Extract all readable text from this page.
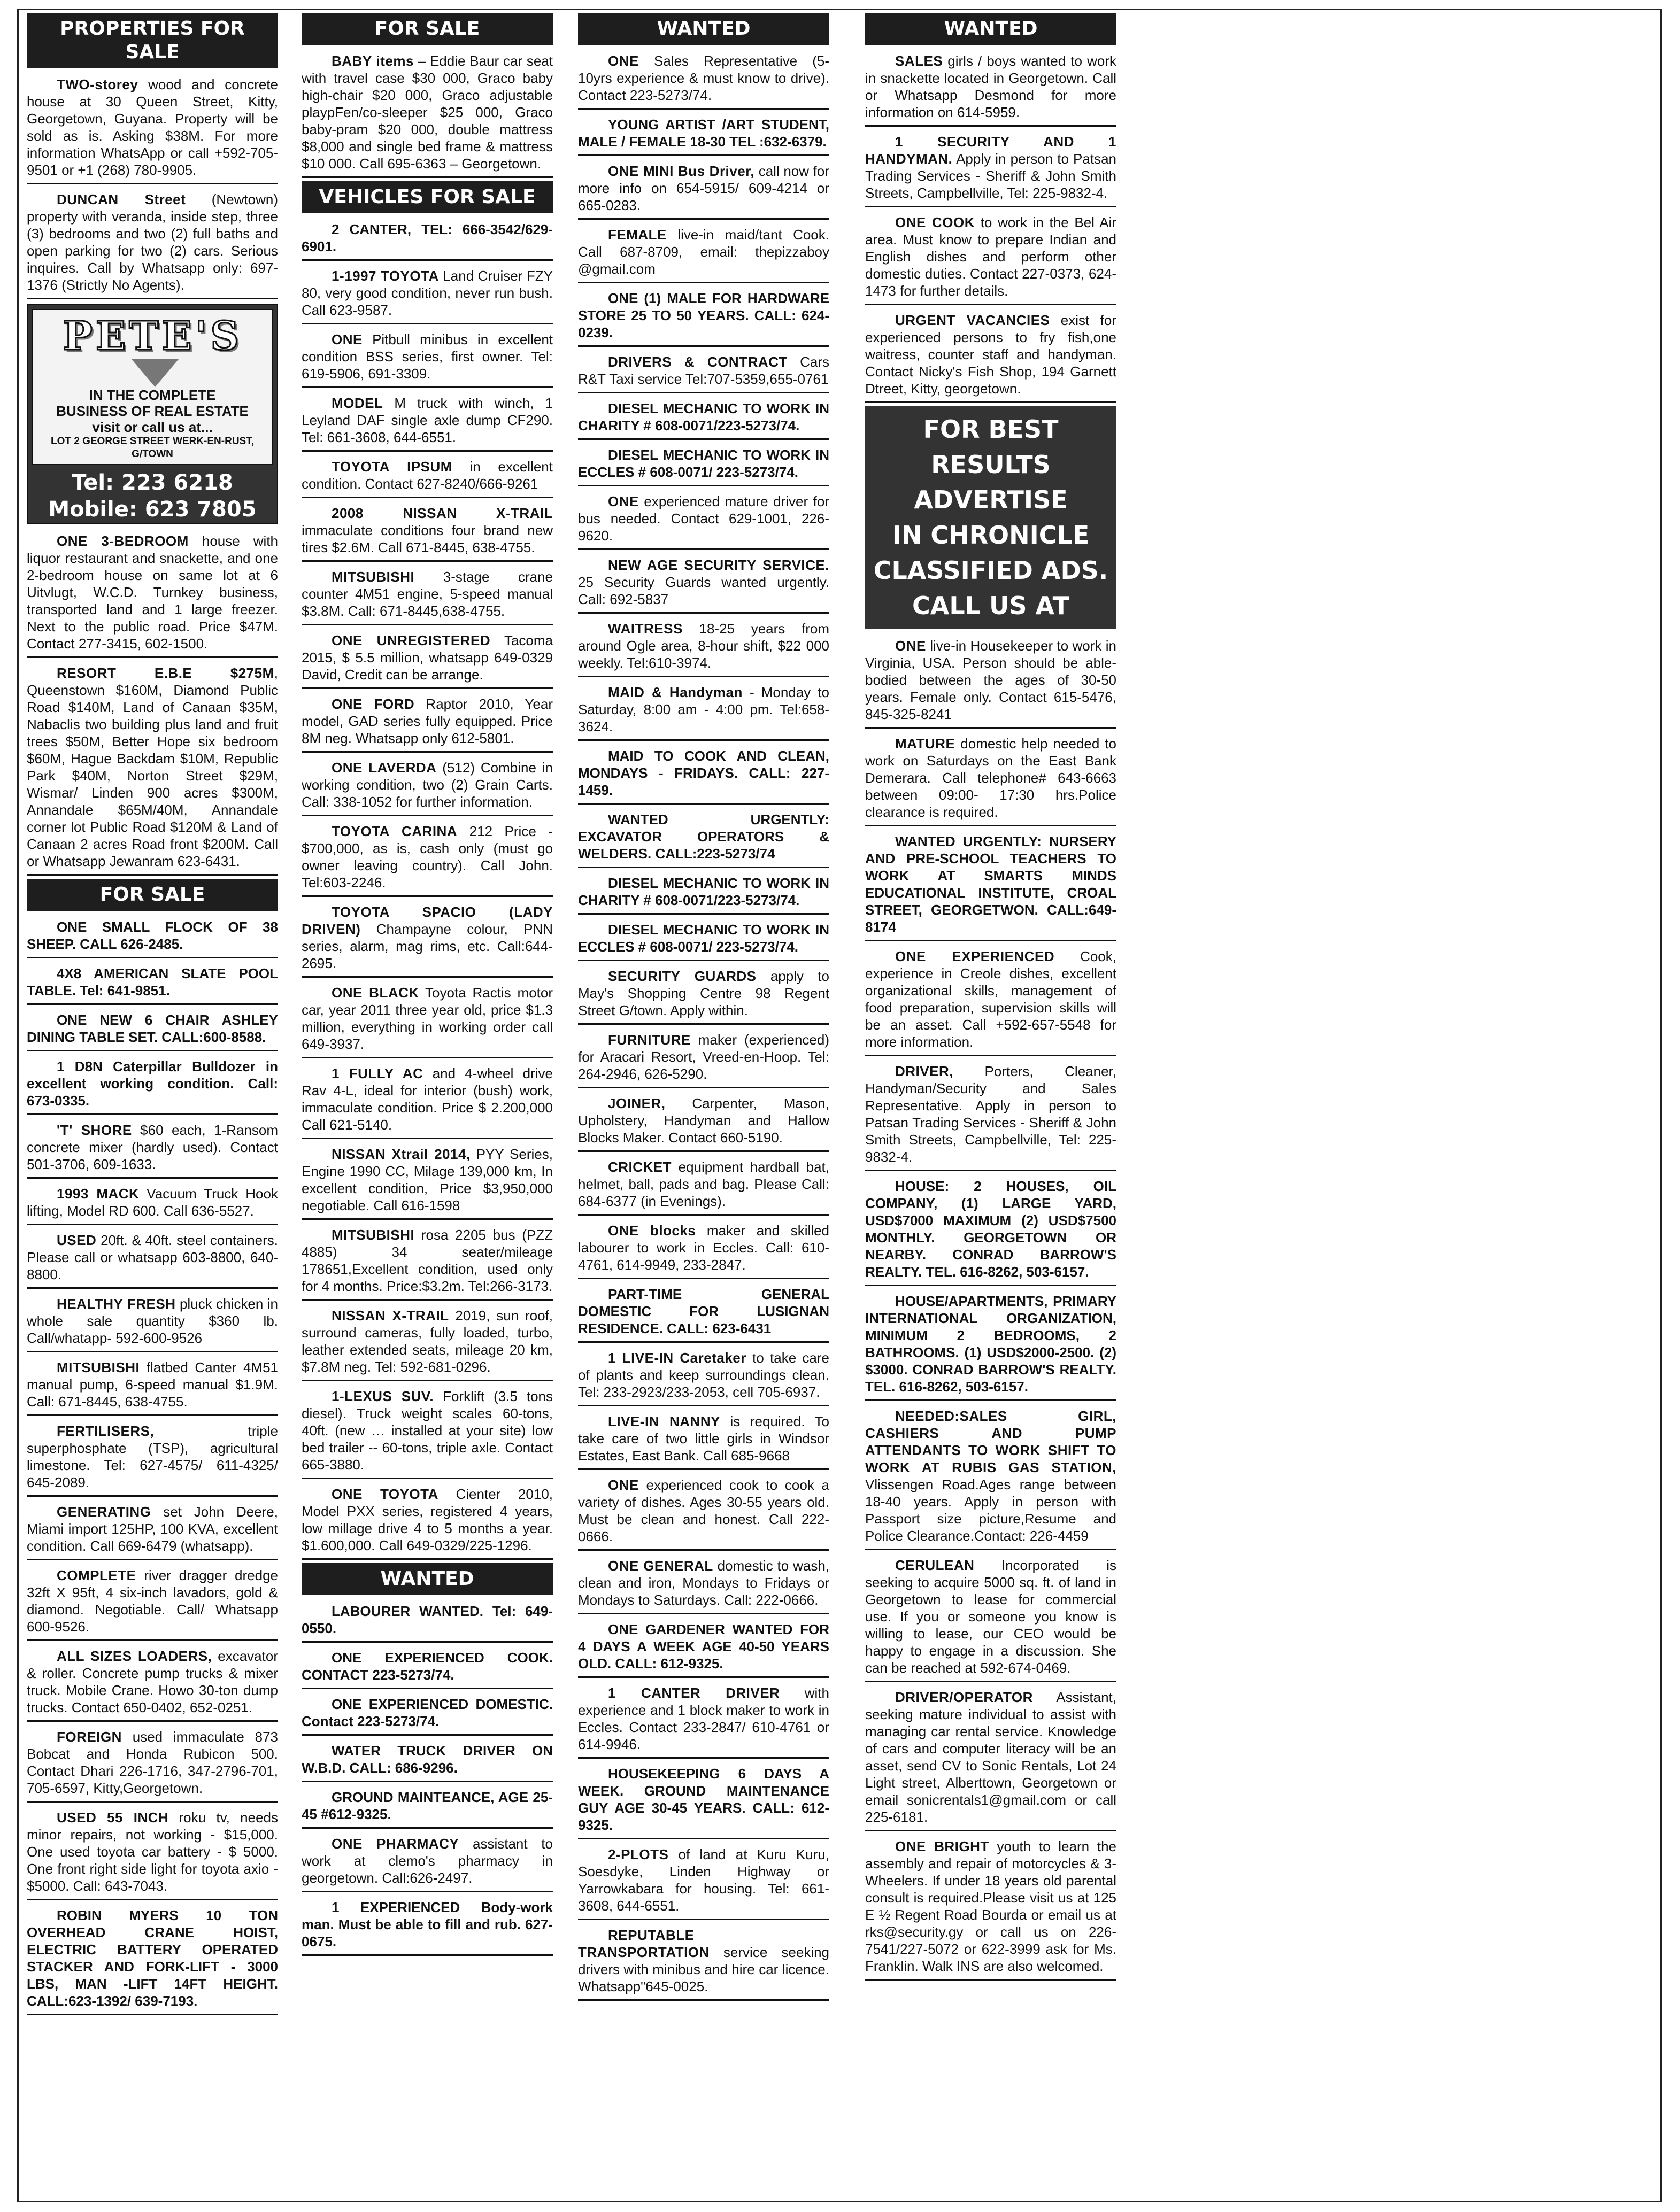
PROPERTIES FOR SALE
TWO-storey wood and concrete house at 30 Queen Street, Kitty, Georgetown, Guyana. Property will be sold as is. Asking $38M. For more information WhatsApp or call +592-705-9501 or +1 (268) 780-9905.
DUNCAN Street (Newtown) property with veranda, inside step, three (3) bedrooms and two (2) full baths and open parking for two (2) cars. Serious inquires. Call by Whatsapp only: 697-1376 (Strictly No Agents).
PETE'S
IN THE COMPLETE
BUSINESS OF REAL ESTATE
visit or call us at...
LOT 2 GEORGE STREET WERK-EN-RUST, G/TOWN
Tel: 223 6218
Mobile: 623 7805
ONE 3-BEDROOM house with liquor restaurant and snackette, and one 2-bedroom house on same lot at 6 Uitvlugt, W.C.D. Turnkey business, transported land and 1 large freezer. Next to the public road. Price $47M. Contact 277-3415, 602-1500.
RESORT E.B.E $275M, Queenstown $160M, Diamond Public Road $140M, Land of Canaan $35M, Nabaclis two building plus land and fruit trees $50M, Better Hope six bedroom $60M, Hague Backdam $10M, Republic Park $40M, Norton Street $29M, Wismar/ Linden 900 acres $300M, Annandale $65M/40M, Annandale corner lot Public Road $120M & Land of Canaan 2 acres Road front $200M. Call or Whatsapp Jewanram 623-6431.
FOR SALE
ONE SMALL FLOCK OF 38 SHEEP. CALL 626-2485.
4X8 AMERICAN SLATE POOL TABLE. Tel: 641-9851.
ONE NEW 6 CHAIR ASHLEY DINING TABLE SET. CALL:600-8588.
1 D8N Caterpillar Bulldozer in excellent working condition. Call: 673-0335.
'T' SHORE $60 each, 1-Ransom concrete mixer (hardly used). Contact 501-3706, 609-1633.
1993 MACK Vacuum Truck Hook lifting, Model RD 600. Call 636-5527.
USED 20ft. & 40ft. steel containers. Please call or whatsapp 603-8800, 640-8800.
HEALTHY FRESH pluck chicken in whole sale quantity $360 lb. Call/whatapp- 592-600-9526
MITSUBISHI flatbed Canter 4M51 manual pump, 6-speed manual $1.9M. Call: 671-8445, 638-4755.
FERTILISERS, triple superphosphate (TSP), agricultural limestone. Tel: 627-4575/ 611-4325/ 645-2089.
GENERATING set John Deere, Miami import 125HP, 100 KVA, excellent condition. Call 669-6479 (whatsapp).
COMPLETE river dragger dredge 32ft X 95ft, 4 six-inch lavadors, gold & diamond. Negotiable. Call/ Whatsapp 600-9526.
ALL SIZES LOADERS, excavator & roller. Concrete pump trucks & mixer truck. Mobile Crane. Howo 30-ton dump trucks. Contact 650-0402, 652-0251.
FOREIGN used immaculate 873 Bobcat and Honda Rubicon 500. Contact Dhari 226-1716, 347-2796-701, 705-6597, Kitty,Georgetown.
USED 55 INCH roku tv, needs minor repairs, not working - $15,000. One used toyota car battery - $ 5000. One front right side light for toyota axio - $5000. Call: 643-7043.
ROBIN MYERS 10 TON OVERHEAD CRANE HOIST, ELECTRIC BATTERY OPERATED STACKER AND FORK-LIFT - 3000 LBS, MAN -LIFT 14FT HEIGHT. CALL:623-1392/ 639-7193.
FOR SALE
BABY items – Eddie Baur car seat with travel case $30 000, Graco baby high-chair $20 000, Graco adjustable playpFen/co-sleeper $25 000, Graco baby-pram $20 000, double mattress $8,000 and single bed frame & mattress $10 000. Call 695-6363 – Georgetown.
VEHICLES FOR SALE
2 CANTER, TEL: 666-3542/629-6901.
1-1997 TOYOTA Land Cruiser FZY 80, very good condition, never run bush. Call 623-9587.
ONE Pitbull minibus in excellent condition BSS series, first owner. Tel: 619-5906, 691-3309.
MODEL M truck with winch, 1 Leyland DAF single axle dump CF290. Tel: 661-3608, 644-6551.
TOYOTA IPSUM in excellent condition. Contact 627-8240/666-9261
2008 NISSAN X-TRAIL immaculate conditions four brand new tires $2.6M. Call 671-8445, 638-4755.
MITSUBISHI 3-stage crane counter 4M51 engine, 5-speed manual $3.8M. Call: 671-8445,638-4755.
ONE UNREGISTERED Tacoma 2015, $ 5.5 million, whatsapp 649-0329 David, Credit can be arrange.
ONE FORD Raptor 2010, Year model, GAD series fully equipped. Price 8M neg. Whatsapp only 612-5801.
ONE LAVERDA (512) Combine in working condition, two (2) Grain Carts. Call: 338-1052 for further information.
TOYOTA CARINA 212 Price - $700,000, as is, cash only (must go owner leaving country). Call John. Tel:603-2246.
TOYOTA SPACIO (LADY DRIVEN) Champayne colour, PNN series, alarm, mag rims, etc. Call:644-2695.
ONE BLACK Toyota Ractis motor car, year 2011 three year old, price $1.3 million, everything in working order call 649-3937.
1 FULLY AC and 4-wheel drive Rav 4-L, ideal for interior (bush) work, immaculate condition. Price $ 2.200,000 Call 621-5140.
NISSAN Xtrail 2014, PYY Series, Engine 1990 CC, Milage 139,000 km, In excellent condition, Price $3,950,000 negotiable. Call 616-1598
MITSUBISHI rosa 2205 bus (PZZ 4885) 34 seater/mileage 178651,Excellent condition, used only for 4 months. Price:$3.2m. Tel:266-3173.
NISSAN X-TRAIL 2019, sun roof, surround cameras, fully loaded, turbo, leather extended seats, mileage 20 km, $7.8M neg. Tel: 592-681-0296.
1-LEXUS SUV. Forklift (3.5 tons diesel). Truck weight scales 60-tons, 40ft. (new … installed at your site) low bed trailer -- 60-tons, triple axle. Contact 665-3880.
ONE TOYOTA Cienter 2010, Model PXX series, registered 4 years, low millage drive 4 to 5 months a year. $1.600,000. Call 649-0329/225-1296.
WANTED
LABOURER WANTED. Tel: 649-0550.
ONE EXPERIENCED COOK. CONTACT 223-5273/74.
ONE EXPERIENCED DOMESTIC. Contact 223-5273/74.
WATER TRUCK DRIVER ON W.B.D. CALL: 686-9296.
GROUND MAINTEANCE, AGE 25-45 #612-9325.
ONE PHARMACY assistant to work at clemo's pharmacy in georgetown. Call:626-2497.
1 EXPERIENCED Body-work man. Must be able to fill and rub. 627-0675.
WANTED
ONE Sales Representative (5-10yrs experience & must know to drive). Contact 223-5273/74.
YOUNG ARTIST /ART STUDENT, MALE / FEMALE 18-30 TEL :632-6379.
ONE MINI Bus Driver, call now for more info on 654-5915/ 609-4214 or 665-0283.
FEMALE live-in maid/tant Cook. Call 687-8709, email: thepizzaboy @gmail.com
ONE (1) MALE FOR HARDWARE STORE 25 TO 50 YEARS. CALL: 624-0239.
DRIVERS & CONTRACT Cars R&T Taxi service Tel:707-5359,655-0761
DIESEL MECHANIC TO WORK IN CHARITY # 608-0071/223-5273/74.
DIESEL MECHANIC TO WORK IN ECCLES # 608-0071/ 223-5273/74.
ONE experienced mature driver for bus needed. Contact 629-1001, 226-9620.
NEW AGE SECURITY SERVICE. 25 Security Guards wanted urgently. Call: 692-5837
WAITRESS 18-25 years from around Ogle area, 8-hour shift, $22 000 weekly. Tel:610-3974.
MAID & Handyman - Monday to Saturday, 8:00 am - 4:00 pm. Tel:658-3624.
MAID TO COOK AND CLEAN, MONDAYS - FRIDAYS. CALL: 227-1459.
WANTED URGENTLY: EXCAVATOR OPERATORS & WELDERS. CALL:223-5273/74
DIESEL MECHANIC TO WORK IN CHARITY # 608-0071/223-5273/74.
DIESEL MECHANIC TO WORK IN ECCLES # 608-0071/ 223-5273/74.
SECURITY GUARDS apply to May's Shopping Centre 98 Regent Street G/town. Apply within.
FURNITURE maker (experienced) for Aracari Resort, Vreed-en-Hoop. Tel: 264-2946, 626-5290.
JOINER, Carpenter, Mason, Upholstery, Handyman and Hallow Blocks Maker. Contact 660-5190.
CRICKET equipment hardball bat, helmet, ball, pads and bag. Please Call: 684-6377 (in Evenings).
ONE blocks maker and skilled labourer to work in Eccles. Call: 610-4761, 614-9949, 233-2847.
PART-TIME GENERAL DOMESTIC FOR LUSIGNAN RESIDENCE. CALL: 623-6431
1 LIVE-IN Caretaker to take care of plants and keep surroundings clean. Tel: 233-2923/233-2053, cell 705-6937.
LIVE-IN NANNY is required. To take care of two little girls in Windsor Estates, East Bank. Call 685-9668
ONE experienced cook to cook a variety of dishes. Ages 30-55 years old. Must be clean and honest. Call 222-0666.
ONE GENERAL domestic to wash, clean and iron, Mondays to Fridays or Mondays to Saturdays. Call: 222-0666.
ONE GARDENER WANTED FOR 4 DAYS A WEEK AGE 40-50 YEARS OLD. CALL: 612-9325.
1 CANTER DRIVER with experience and 1 block maker to work in Eccles. Contact 233-2847/ 610-4761 or 614-9946.
HOUSEKEEPING 6 DAYS A WEEK. GROUND MAINTENANCE GUY AGE 30-45 YEARS. CALL: 612-9325.
2-PLOTS of land at Kuru Kuru, Soesdyke, Linden Highway or Yarrowkabara for housing. Tel: 661-3608, 644-6551.
REPUTABLE TRANSPORTATION service seeking drivers with minibus and hire car licence. Whatsapp"645-0025.
WANTED
SALES girls / boys wanted to work in snackette located in Georgetown. Call or Whatsapp Desmond for more information on 614-5959.
1 SECURITY AND 1 HANDYMAN. Apply in person to Patsan Trading Services - Sheriff & John Smith Streets, Campbellville, Tel: 225-9832-4.
ONE COOK to work in the Bel Air area. Must know to prepare Indian and English dishes and perform other domestic duties. Contact 227-0373, 624-1473 for further details.
URGENT VACANCIES exist for experienced persons to fry fish,one waitress, counter staff and handyman. Contact Nicky's Fish Shop, 194 Garnett Dtreet, Kitty, georgetown.
FOR BEST RESULTS
ADVERTISE
IN CHRONICLE
CLASSIFIED ADS.
CALL US AT
ONE live-in Housekeeper to work in Virginia, USA. Person should be able-bodied between the ages of 30-50 years. Female only. Contact 615-5476, 845-325-8241
MATURE domestic help needed to work on Saturdays on the East Bank Demerara. Call telephone# 643-6663 between 09:00- 17:30 hrs.Police clearance is required.
WANTED URGENTLY: NURSERY AND PRE-SCHOOL TEACHERS TO WORK AT SMARTS MINDS EDUCATIONAL INSTITUTE, CROAL STREET, GEORGETWON. CALL:649-8174
ONE EXPERIENCED Cook, experience in Creole dishes, excellent organizational skills, management of food preparation, supervision skills will be an asset. Call +592-657-5548 for more information.
DRIVER, Porters, Cleaner, Handyman/Security and Sales Representative. Apply in person to Patsan Trading Services - Sheriff & John Smith Streets, Campbellville, Tel: 225-9832-4.
HOUSE: 2 HOUSES, OIL COMPANY, (1) LARGE YARD, USD$7000 MAXIMUM (2) USD$7500 MONTHLY. GEORGETOWN OR NEARBY. CONRAD BARROW'S REALTY. TEL. 616-8262, 503-6157.
HOUSE/APARTMENTS, PRIMARY INTERNATIONAL ORGANIZATION, MINIMUM 2 BEDROOMS, 2 BATHROOMS. (1) USD$2000-2500. (2) $3000. CONRAD BARROW'S REALTY. TEL. 616-8262, 503-6157.
NEEDED:SALES GIRL, CASHIERS AND PUMP ATTENDANTS TO WORK SHIFT TO WORK AT RUBIS GAS STATION, Vlissengen Road.Ages range between 18-40 years. Apply in person with Passport size picture,Resume and Police Clearance.Contact: 226-4459
CERULEAN Incorporated is seeking to acquire 5000 sq. ft. of land in Georgetown to lease for commercial use. If you or someone you know is willing to lease, our CEO would be happy to engage in a discussion. She can be reached at 592-674-0469.
DRIVER/OPERATOR Assistant, seeking mature individual to assist with managing car rental service. Knowledge of cars and computer literacy will be an asset, send CV to Sonic Rentals, Lot 24 Light street, Alberttown, Georgetown or email sonicrentals1@gmail.com or call 225-6181.
ONE BRIGHT youth to learn the assembly and repair of motorcycles & 3-Wheelers. If under 18 years old parental consult is required.Please visit us at 125 E ½ Regent Road Bourda or email us at rks@security.gy or call us on 226-7541/227-5072 or 622-3999 ask for Ms. Franklin. Walk INS are also welcomed.
